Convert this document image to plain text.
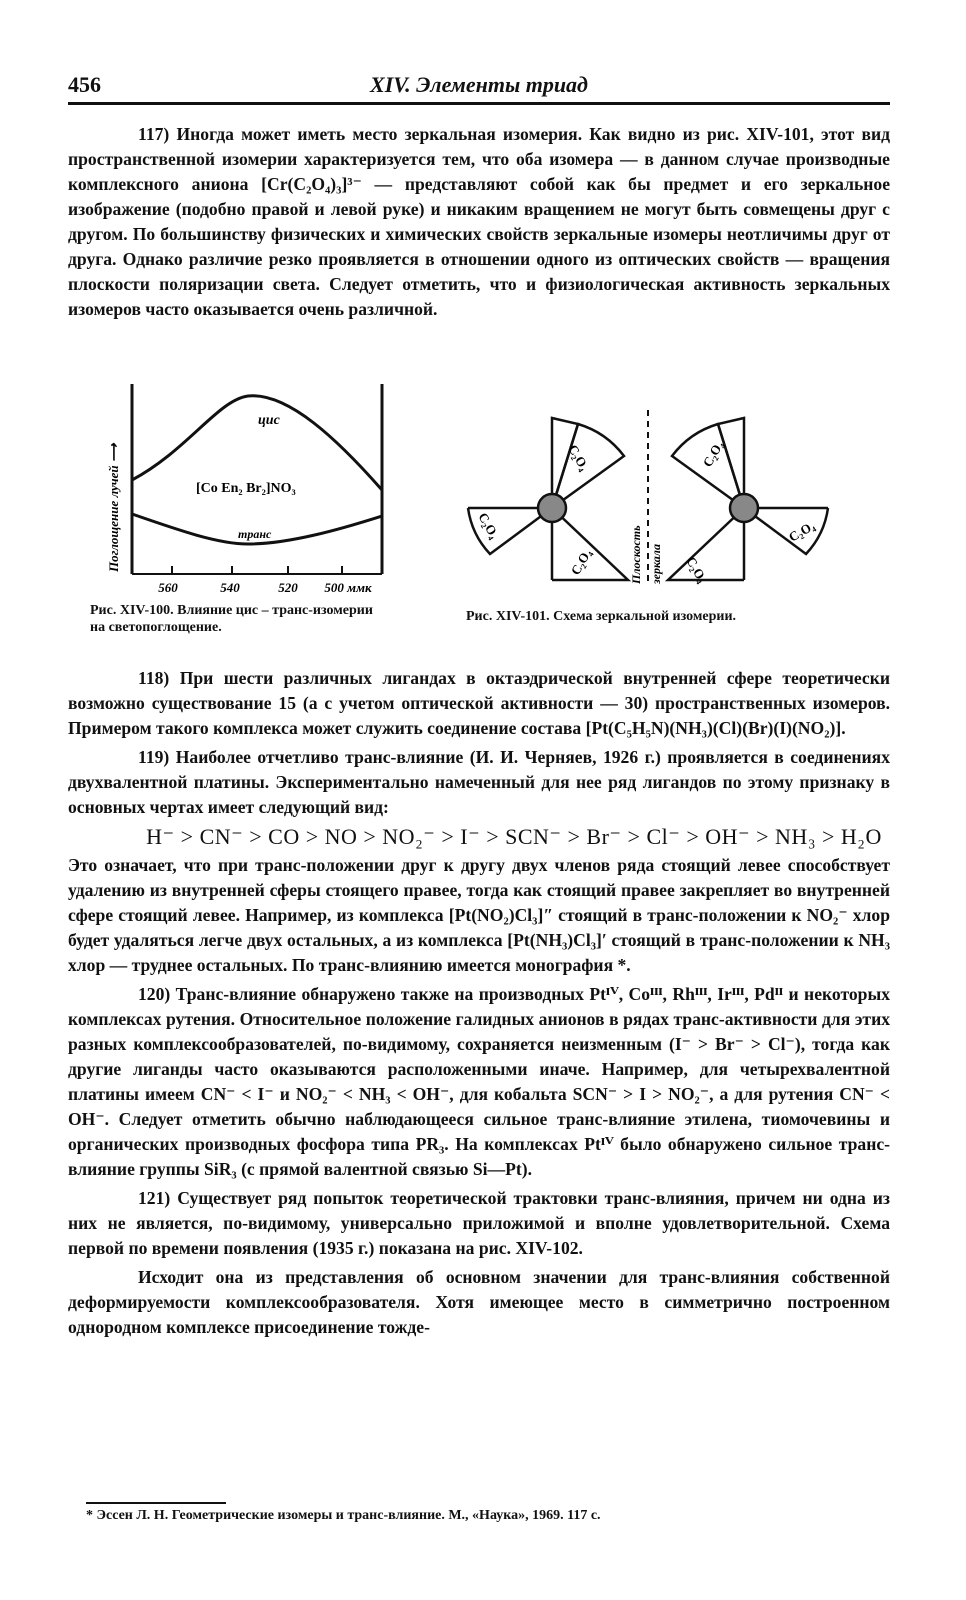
456	XIV. Элементы триад

117) Иногда может иметь место зеркальная изомерия. Как видно из рис. XIV-101, этот вид пространственной изомерии характеризуется тем, что оба изомера — в данном случае производные комплексного аниона [Cr(C₂O₄)₃]³⁻ — представляют собой как бы предмет и его зеркальное изображение (подобно правой и левой руке) и никаким вращением не могут быть совмещены друг с другом. По большинству физических и химических свойств зеркальные изомеры неотличимы друг от друга. Однако различие резко проявляется в отношении одного из оптических свойств — вращения плоскости поляризации света. Следует отметить, что и физиологическая активность зеркальных изомеров часто оказывается очень различной.

цис
[Co En₂ Br₂]NO₃
транс
560	540	520 500 ммк
Поглощение лучей ⟶
Рис. XIV-100. Влияние цис – транс-изомерии на светопоглощение.
C₂O₄
C₂O₄
C₂O₄	Плоскость зеркала
C₂O₄
C₂O₄
C₂O₄
Рис. XIV-101. Схема зеркальной изомерии.

118) При шести различных лигандах в октаэдрической внутренней сфере теоретически возможно существование 15 (а с учетом оптической активности — 30) пространственных изомеров. Примером такого комплекса может служить соединение состава [Pt(C₅H₅N)(NH₃)(Cl)(Br)(I)(NO₂)].

119) Наиболее отчетливо транс-влияние (И. И. Черняев, 1926 г.) проявляется в соединениях двухвалентной платины. Экспериментально намеченный для нее ряд лигандов по этому признаку в основных чертах имеет следующий вид:

H⁻ > CN⁻ > CO > NO > NO₂⁻ > I⁻ > SCN⁻ > Br⁻ > Cl⁻ > OH⁻ > NH₃ > H₂O

Это означает, что при транс-положении друг к другу двух членов ряда стоящий левее способствует удалению из внутренней сферы стоящего правее, тогда как стоящий правее закрепляет во внутренней сфере стоящий левее. Например, из комплекса [Pt(NO₂)Cl₃]″ стоящий в транс-положении к NO₂⁻ хлор будет удаляться легче двух остальных, а из комплекса [Pt(NH₃)Cl₃]′ стоящий в транс-положении к NH₃ хлор — труднее остальных. По транс-влиянию имеется монография *.

120) Транс-влияние обнаружено также на производных Ptᴵⱽ, Coᴵᴵᴵ, Rhᴵᴵᴵ, Irᴵᴵᴵ, Pdᴵᴵ и некоторых комплексах рутения. Относительное положение галидных анионов в рядах транс-активности для этих разных комплексообразователей, по-видимому, сохраняется неизменным (I⁻ > Br⁻ > Cl⁻), тогда как другие лиганды часто оказываются расположенными иначе. Например, для четырехвалентной платины имеем CN⁻ < I⁻ и NO₂⁻ < NH₃ < OH⁻, для кобальта SCN⁻ > I > NO₂⁻, а для рутения CN⁻ < OH⁻. Следует отметить обычно наблюдающееся сильное транс-влияние этилена, тиомочевины и органических производных фосфора типа PR₃. На комплексах Ptᴵⱽ было обнаружено сильное транс-влияние группы SiR₃ (с прямой валентной связью Si—Pt).

121) Существует ряд попыток теоретической трактовки транс-влияния, причем ни одна из них не является, по-видимому, универсально приложимой и вполне удовлетворительной. Схема первой по времени появления (1935 г.) показана на рис. XIV-102.

Исходит она из представления об основном значении для транс-влияния собственной деформируемости комплексообразователя. Хотя имеющее место в симметрично построенном однородном комплексе присоединение тожде-

* Эссен Л. Н. Геометрические изомеры и транс-влияние. М., «Наука», 1969. 117 с.
